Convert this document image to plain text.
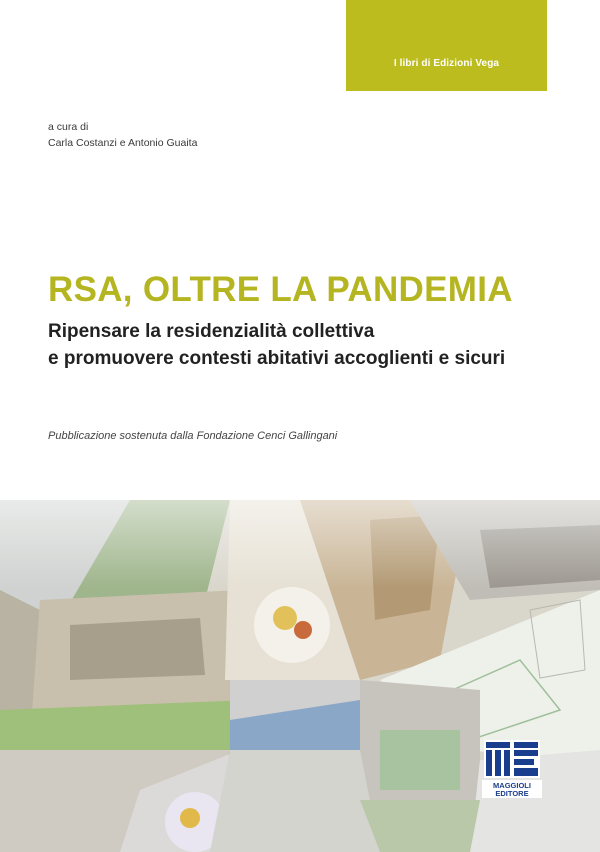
I libri di Edizioni Vega
a cura di
Carla Costanzi e Antonio Guaita
RSA, OLTRE LA PANDEMIA
Ripensare la residenzialità collettiva
e promuovere contesti abitativi accoglienti e sicuri
Pubblicazione sostenuta dalla Fondazione Cenci Gallingani
MAGGIOLI
EDITORE
